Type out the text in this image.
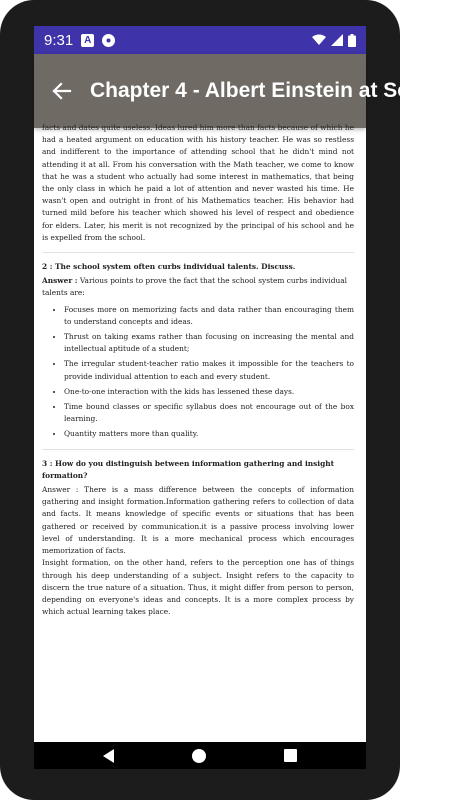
9:31 A
Chapter 4 - Albert Einstein at School

facts and dates quite useless. Ideas lured him more than facts because of which he had a heated argument on education with his history teacher. He was so restless and indifferent to the importance of attending school that he didn't mind not attending it at all. From his conversation with the Math teacher, we come to know that he was a student who actually had some interest in mathematics, that being the only class in which he paid a lot of attention and never wasted his time. He wasn't open and outright in front of his Mathematics teacher. His behavior had turned mild before his teacher which showed his level of respect and obedience for elders. Later, his merit is not recognized by the principal of his school and he is expelled from the school.

2 : The school system often curbs individual talents. Discuss.

Answer : Various points to prove the fact that the school system curbs individual talents are:

• Focuses more on memorizing facts and data rather than encouraging them to understand concepts and ideas.
• Thrust on taking exams rather than focusing on increasing the mental and intellectual aptitude of a student;
• The irregular student-teacher ratio makes it impossible for the teachers to provide individual attention to each and every student.
• One-to-one interaction with the kids has lessened these days.
• Time bound classes or specific syllabus does not encourage out of the box learning.
• Quantity matters more than quality.
3 : How do you distinguish between information gathering and insight formation?

Answer : There is a mass difference between the concepts of information gathering and insight formation.Information gathering refers to collection of data and facts. It means knowledge of specific events or situations that has been gathered or received by communication.it is a passive process involving lower level of understanding. It is a more mechanical process which encourages memorization of facts.

Insight formation, on the other hand, refers to the perception one has of things through his deep understanding of a subject. Insight refers to the capacity to discern the true nature of a situation. Thus, it might differ from person to person, depending on everyone's ideas and concepts. It is a more complex process by which actual learning takes place.
